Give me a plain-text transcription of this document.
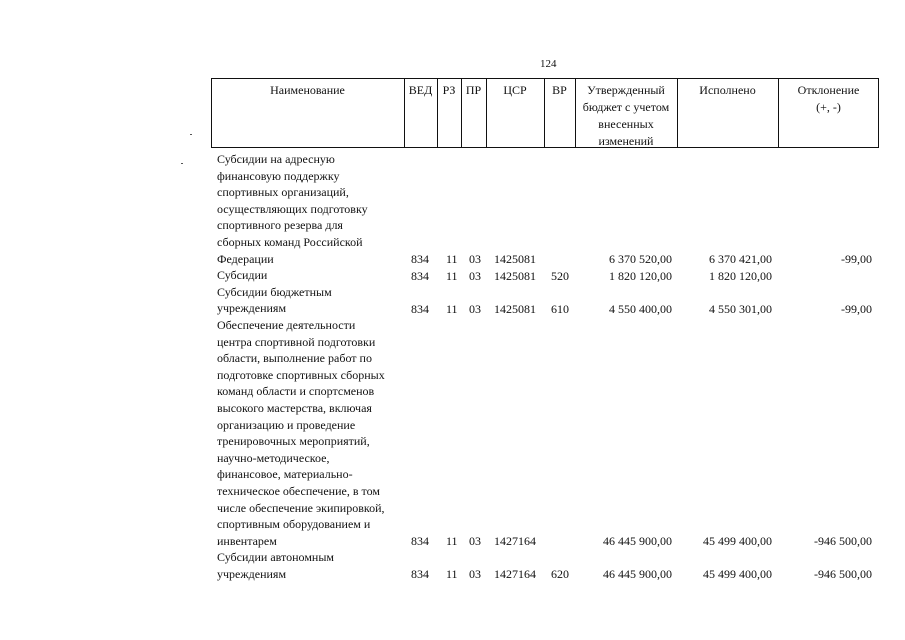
124
Наименование	ВЕД РЗ ПР	ЦСР	ВР	Утвержденный
бюджет с учетом
внесенных
изменений
Исполнено	Отклонение
(+, -)
Субсидии на адресную
финансовую поддержку
спортивных организаций,
осуществляющих подготовку
спортивного резерва для
сборных команд Российской
Федерации	834 11 03 1425081	6 370 520,00	6 370 421,00	-99,00
Субсидии	834 11 03 1425081 520	1 820 120,00	1 820 120,00
Субсидии бюджетным
учреждениям	834 11 03 1425081 610	4 550 400,00	4 550 301,00	-99,00
Обеспечение деятельности
центра спортивной подготовки
области, выполнение работ по
подготовке спортивных сборных
команд области и спортсменов
высокого мастерства, включая
организацию и проведение
тренировочных мероприятий,
научно-методическое,
финансовое, материально-
техническое обеспечение, в том
числе обеспечение экипировкой,
спортивным оборудованием и
инвентарем	834 11 03 1427164	46 445 900,00	45 499 400,00	-946 500,00
Субсидии автономным
учреждениям	834 11 03 1427164 620	46 445 900,00	45 499 400,00	-946 500,00
